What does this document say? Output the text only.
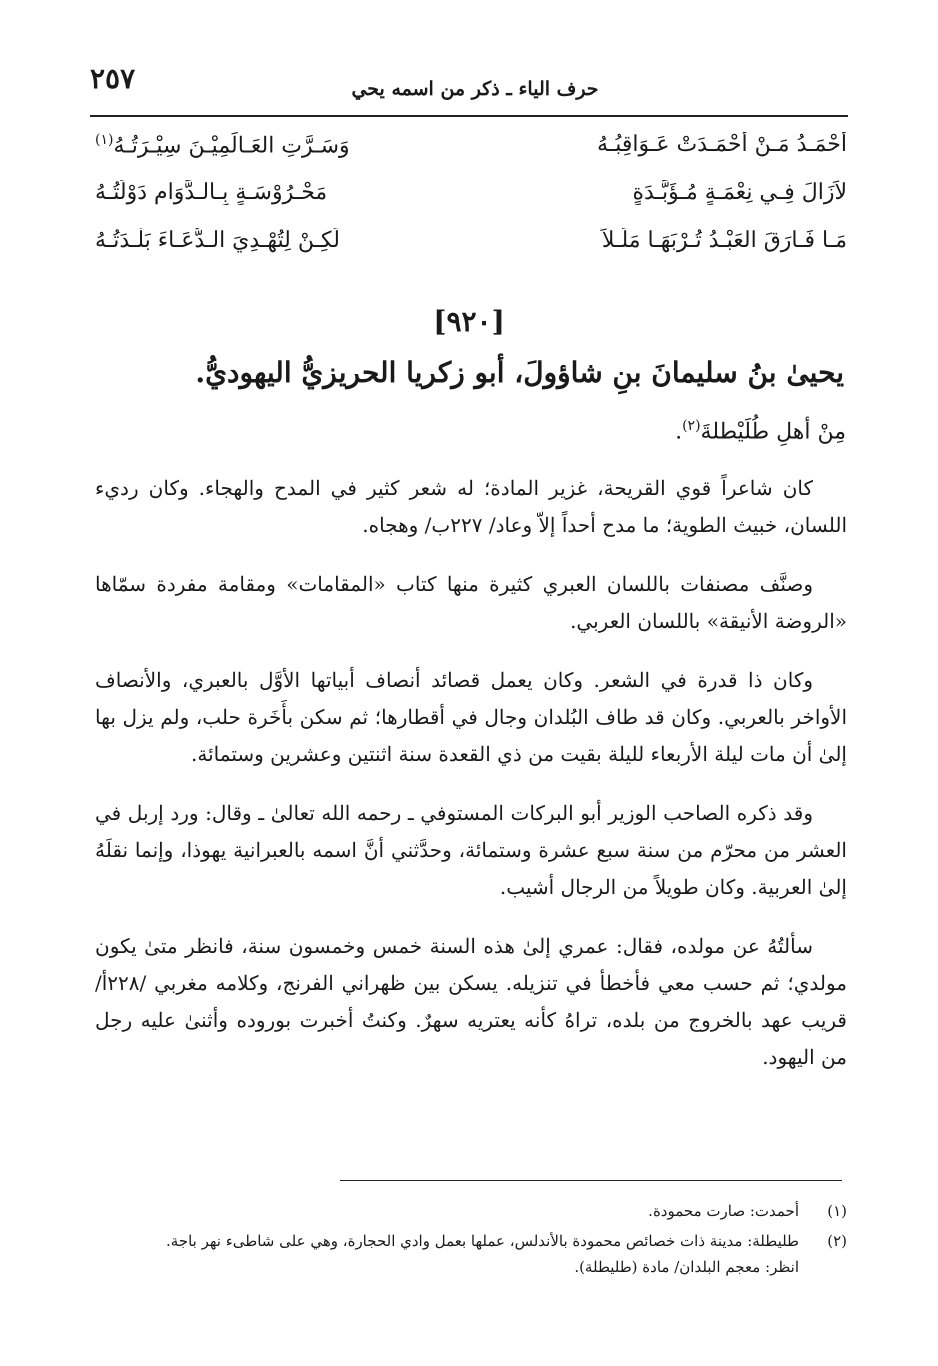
٢٥٧	حرف الياء ـ ذكر من اسمه يحي
أَحْمَـدُ مَـنْ أَحْمَـدَتْ عَـوَاقِبُـهُ
وَسَـرَّتِ العَـالَمِيْـنَ سِيْـرَتُـهُ$^{(١)}$
لاَزَالَ فِـي نِعْمَـةٍ مُـؤَبَّـدَةٍ
مَحْـرُوْسَـةٍ بِـالـدَّوَامِ دَوْلَتُـهُ
مَـا فَـارَقَ العَبْـدُ تُـرْبَهَـا مَلَـلاً
لَكِـنْ لِتُهْـدِيَ الـدُّعَـاءَ بَلْـدَتُـهُ
[٩٢٠]
يحيىٰ بنُ سليمانَ بنِ شاؤولَ، أبو زكريا الحريزيُّ اليهوديُّ.
مِنْ أهلِ طُلَيْطلةَ$^{(٢)}$.

كان شاعراً قوي القريحة، غزير المادة؛ له شعر كثير في المدح والهجاء. وكان رديء اللسان، خبيث الطوية؛ ما مدح أحداً إلاّ وعاد/ ٢٢٧ب/ وهجاه.

وصنَّف مصنفات باللسان العبري كثيرة منها كتاب «المقامات» ومقامة مفردة سمّاها «الروضة الأنيقة» باللسان العربي.

وكان ذا قدرة في الشعر. وكان يعمل قصائد أنصاف أبياتها الأوَّل بالعبري، والأنصاف الأواخر بالعربي. وكان قد طاف البُلدان وجال في أقطارها؛ ثم سكن بأَخَرة حلب، ولم يزل بها إلىٰ أن مات ليلة الأربعاء لليلة بقيت من ذي القعدة سنة اثنتين وعشرين وستمائة.

وقد ذكره الصاحب الوزير أبو البركات المستوفي ـ رحمه الله تعالىٰ ـ وقال: ورد إربل في العشر من محرّم من سنة سبع عشرة وستمائة، وحدَّثني أنَّ اسمه بالعبرانية يهوذا، وإنما نقلَهُ إلىٰ العربية. وكان طويلاً من الرجال أشيب.

سألتُهُ عن مولده، فقال: عمري إلىٰ هذه السنة خمس وخمسون سنة، فانظر متىٰ يكون مولدي؛ ثم حسب معي فأخطأ في تنزيله. يسكن بين ظهراني الفرنج، وكلامه مغربي /٢٢٨أ/ قريب عهد بالخروج من بلده، تراهُ كأنه يعتريه سهرٌ. وكنتُ أخبرت بوروده وأثنىٰ عليه رجل من اليهود.

(١)
أحمدت: صارت محمودة.
(٢)
طليطلة: مدينة ذات خصائص محمودة بالأندلس، عملها بعمل وادي الحجارة، وهي على شاطىء نهر باجة.
انظر: معجم البلدان/ مادة (طليطلة).
